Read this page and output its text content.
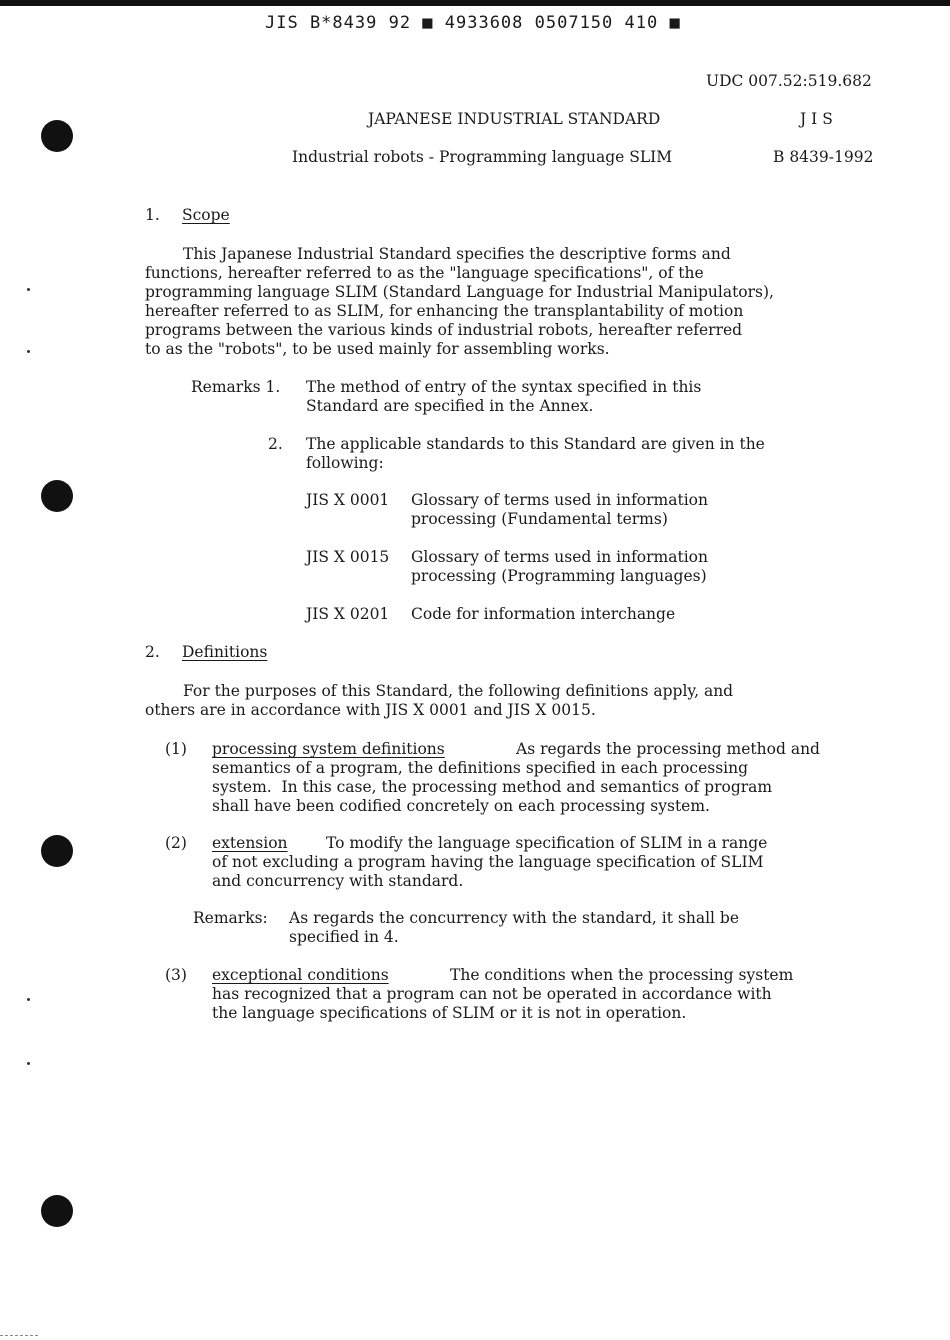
JIS B*8439 92 ■ 4933608 0507150 410 ■
UDC 007.52:519.682
JAPANESE INDUSTRIAL STANDARD	J I S
Industrial robots - Programming language SLIM	B 8439-1992
1. Scope
This Japanese Industrial Standard specifies the descriptive forms and
functions, hereafter referred to as the "language specifications", of the
programming language SLIM (Standard Language for Industrial Manipulators),
hereafter referred to as SLIM, for enhancing the transplantability of motion
programs between the various kinds of industrial robots, hereafter referred
to as the "robots", to be used mainly for assembling works.
Remarks 1. The method of entry of the syntax specified in this
Standard are specified in the Annex.
2. The applicable standards to this Standard are given in the
following:
JIS X 0001 Glossary of terms used in information
processing (Fundamental terms)
JIS X 0015 Glossary of terms used in information
processing (Programming languages)
JIS X 0201 Code for information interchange
2. Definitions
For the purposes of this Standard, the following definitions apply, and
others are in accordance with JIS X 0001 and JIS X 0015.
(1) processing system definitions	As regards the processing method and
semantics of a program, the definitions specified in each processing
system.  In this case, the processing method and semantics of program
shall have been codified concretely on each processing system.
(2) extension To modify the language specification of SLIM in a range
of not excluding a program having the language specification of SLIM
and concurrency with standard.
Remarks: As regards the concurrency with the standard, it shall be
specified in 4.
(3) exceptional conditions	The conditions when the processing system
has recognized that a program can not be operated in accordance with
the language specifications of SLIM or it is not in operation.
